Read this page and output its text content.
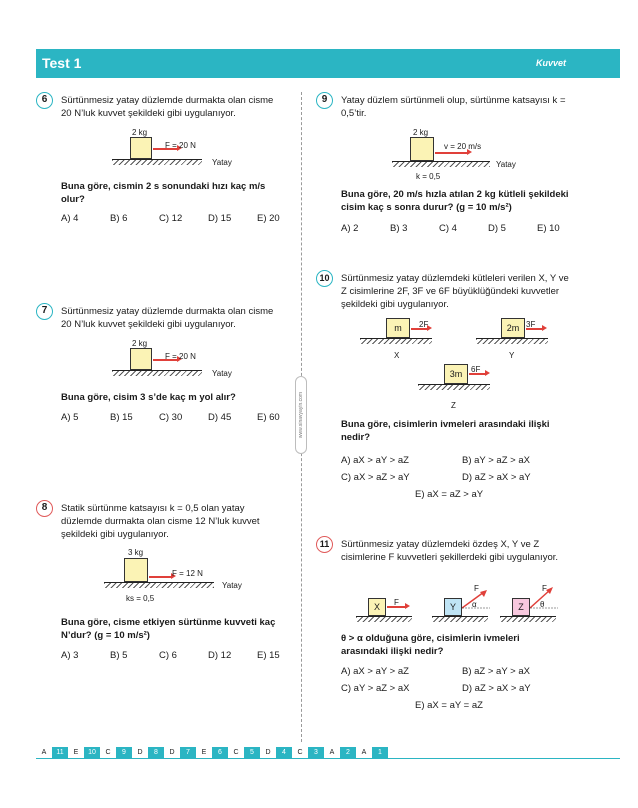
Test 1	Kuvvet
www.sinavyayin.com
6	Sürtünmesiz yatay düzlemde durmakta olan cisme 20 N’luk kuvvet şekildeki gibi uygulanıyor.
2 kg
F = 20 N
Yatay
Buna göre, cismin 2 s sonundaki hızı kaç m/s olur?
A) 4	B) 6	C) 12	D) 15	E) 20
7	Sürtünmesiz yatay düzlemde durmakta olan cisme 20 N’luk kuvvet şekildeki gibi uygulanıyor.
2 kg
F = 20 N
Yatay
Buna göre, cisim 3 s’de kaç m yol alır?
A) 5	B) 15	C) 30	D) 45	E) 60
8	Statik sürtünme katsayısı k = 0,5 olan yatay düzlemde durmakta olan cisme 12 N’luk kuvvet şekildeki gibi uygulanıyor.
3 kg
F = 12 N
Yatay
ks = 0,5
Buna göre, cisme etkiyen sürtünme kuvveti kaç N’dur? (g = 10 m/s²)
A) 3	B) 5	C) 6	D) 12	E) 15
9	Yatay düzlem sürtünmeli olup, sürtünme katsayısı k = 0,5’tir.
2 kg
v = 20 m/s
Yatay
k = 0,5
Buna göre, 20 m/s hızla atılan 2 kg kütleli şekildeki cisim kaç s sonra durur? (g = 10 m/s²)
A) 2	B) 3	C) 4	D) 5	E) 10
10	Sürtünmesiz yatay düzlemdeki kütleleri verilen X, Y ve Z cisimlerine 2F, 3F ve 6F büyüklüğündeki kuvvetler şekildeki gibi uygulanıyor.
m	2F
X
2m 3F
Y
3m	6F
Z
Buna göre, cisimlerin ivmeleri arasındaki ilişki nedir?
A) aX > aY > aZ	B) aY > aZ > aX
C) aX > aZ > aY	D) aZ > aX > aY
E) aX = aZ > aY
11	Sürtünmesiz yatay düzlemdeki özdeş X, Y ve Z cisimlerine F kuvvetleri şekillerdeki gibi uygulanıyor.
X	F	Y
F
α	Z
F
θ
θ > α olduğuna göre, cisimlerin ivmeleri arasındaki ilişki nedir?
A) aX > aY > aZ	B) aZ > aY > aX
C) aY > aZ > aX	D) aZ > aX > aY
E) aX = aY = aZ
A	11	E	10	C	9	D	8	D	7	E	6	C	5	D	4	C	3	A	2	A	1
